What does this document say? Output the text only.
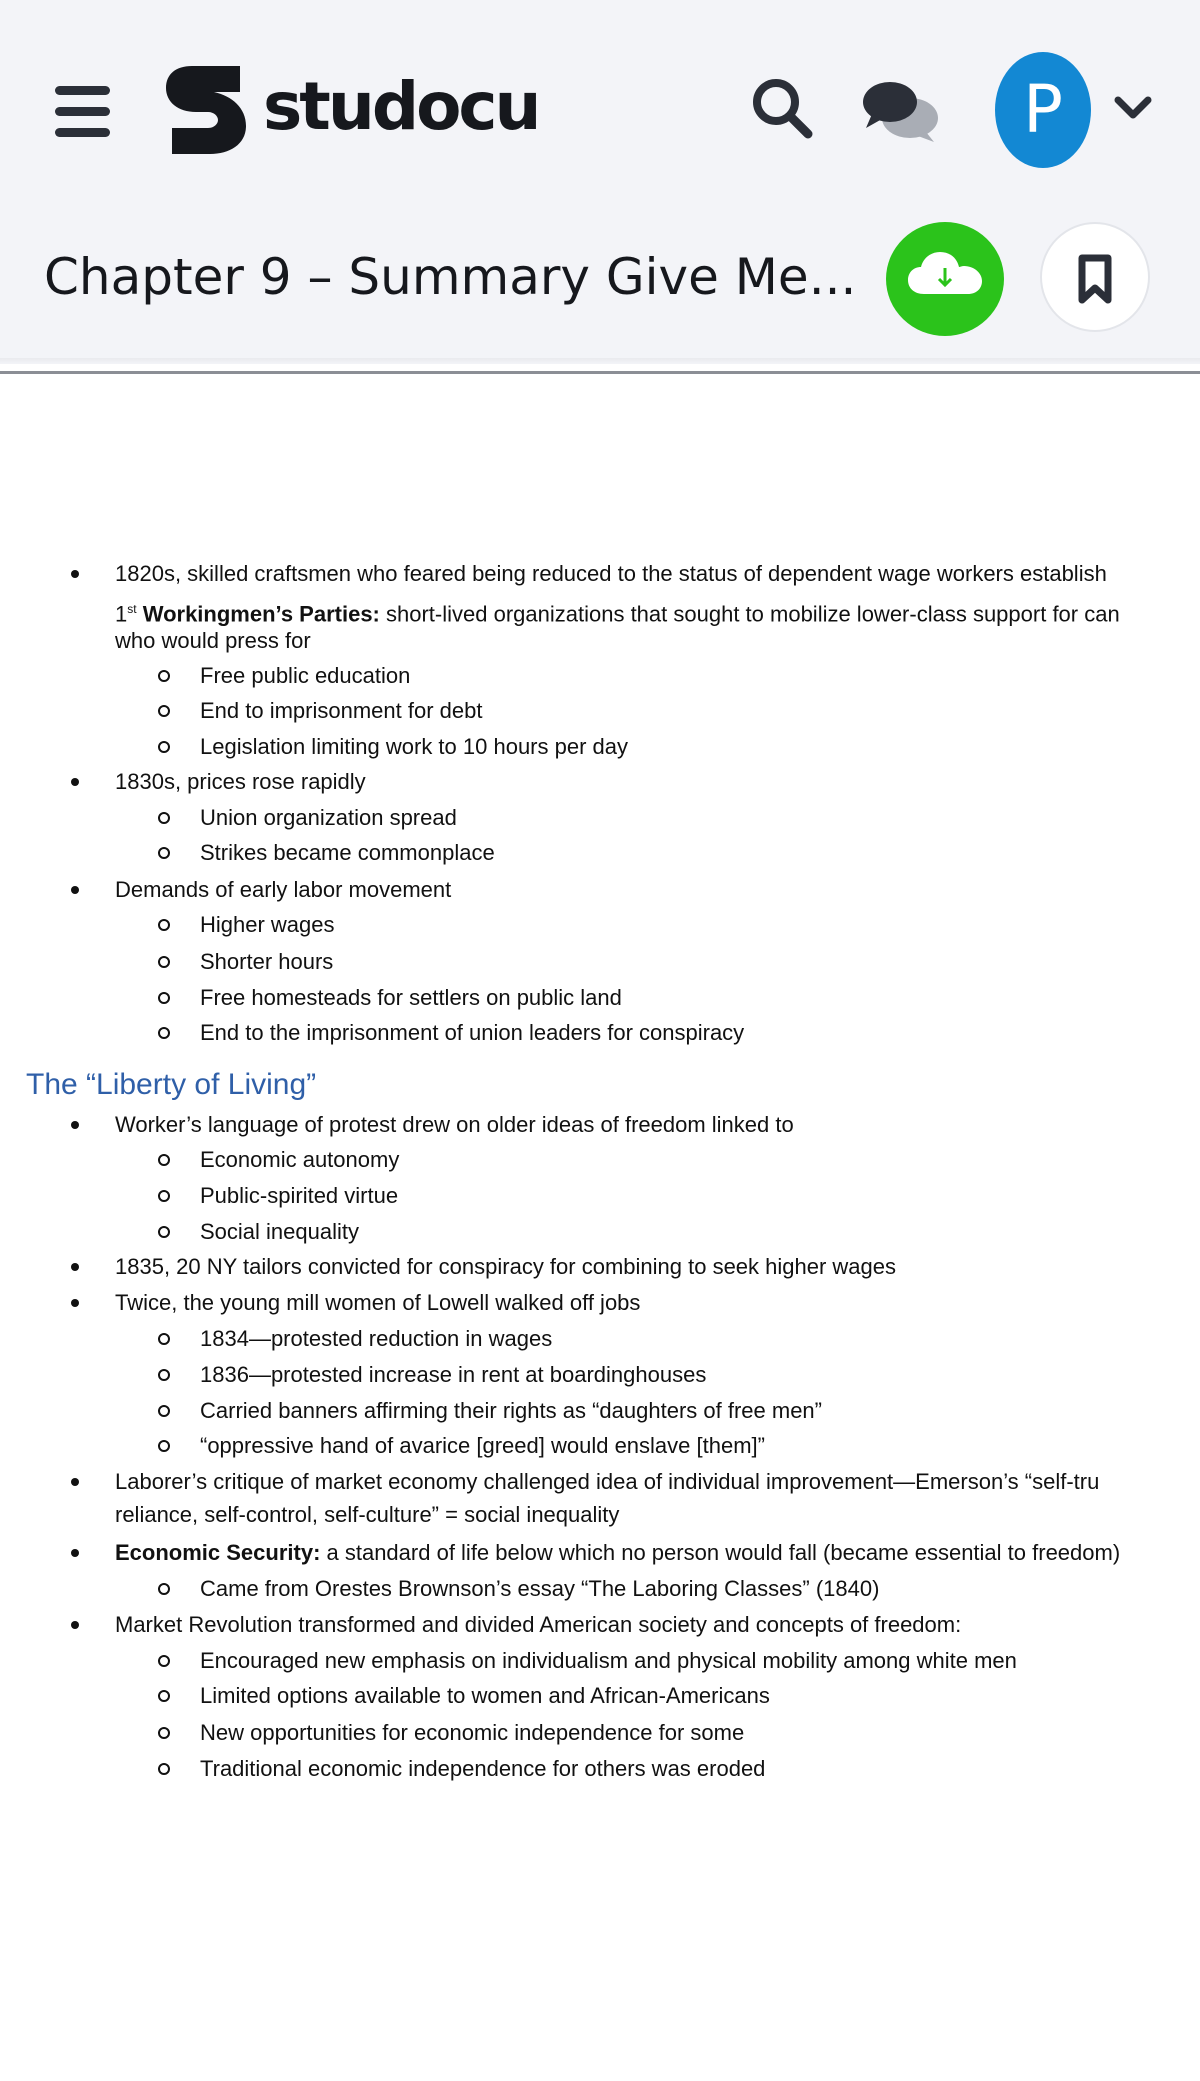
studocu	P
Chapter 9 – Summary Give Me...
1820s, skilled craftsmen who feared being reduced to the status of dependent wage workers establish
1st Workingmen’s Parties: short-lived organizations that sought to mobilize lower-class support for can
who would press for
Free public education
End to imprisonment for debt
Legislation limiting work to 10 hours per day
1830s, prices rose rapidly
Union organization spread
Strikes became commonplace
Demands of early labor movement
Higher wages
Shorter hours
Free homesteads for settlers on public land
End to the imprisonment of union leaders for conspiracy
The “Liberty of Living”
Worker’s language of protest drew on older ideas of freedom linked to
Economic autonomy
Public-spirited virtue
Social inequality
1835, 20 NY tailors convicted for conspiracy for combining to seek higher wages
Twice, the young mill women of Lowell walked off jobs
1834—protested reduction in wages
1836—protested increase in rent at boardinghouses
Carried banners affirming their rights as “daughters of free men”
“oppressive hand of avarice [greed] would enslave [them]”
Laborer’s critique of market economy challenged idea of individual improvement—Emerson’s “self-tru
reliance, self-control, self-culture” = social inequality
Economic Security: a standard of life below which no person would fall (became essential to freedom)
Came from Orestes Brownson’s essay “The Laboring Classes” (1840)
Market Revolution transformed and divided American society and concepts of freedom:
Encouraged new emphasis on individualism and physical mobility among white men
Limited options available to women and African-Americans
New opportunities for economic independence for some
Traditional economic independence for others was eroded
